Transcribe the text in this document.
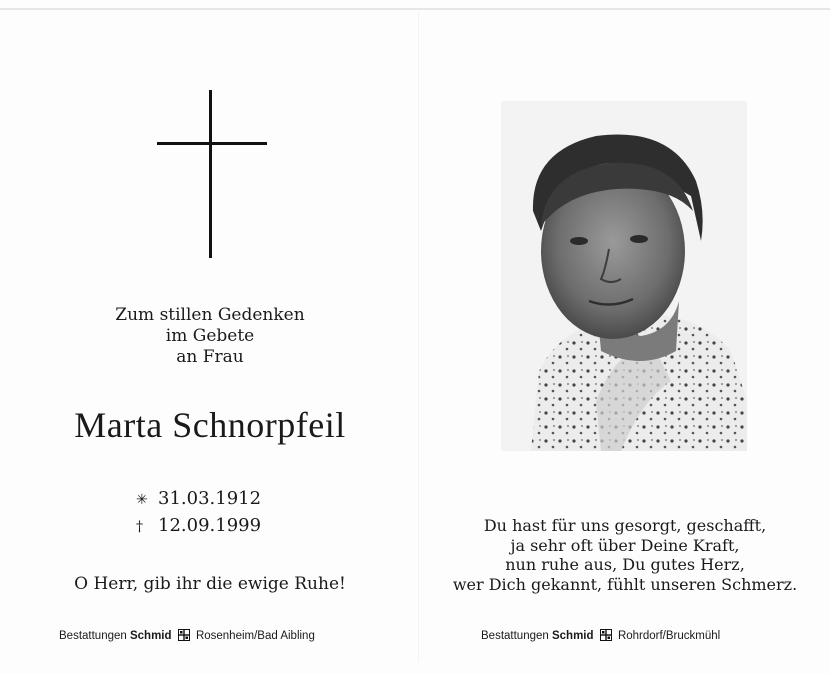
Zum stillen Gedenken
im Gebete
an Frau
Marta Schnorpfeil
✳ 31.03.1912
† 12.09.1999
O Herr, gib ihr die ewige Ruhe!
Bestattungen Schmid Rosenheim/Bad Aibling
Du hast für uns gesorgt, geschafft,
ja sehr oft über Deine Kraft,
nun ruhe aus, Du gutes Herz,
wer Dich gekannt, fühlt unseren Schmerz.
Bestattungen Schmid Rohrdorf/Bruckmühl
